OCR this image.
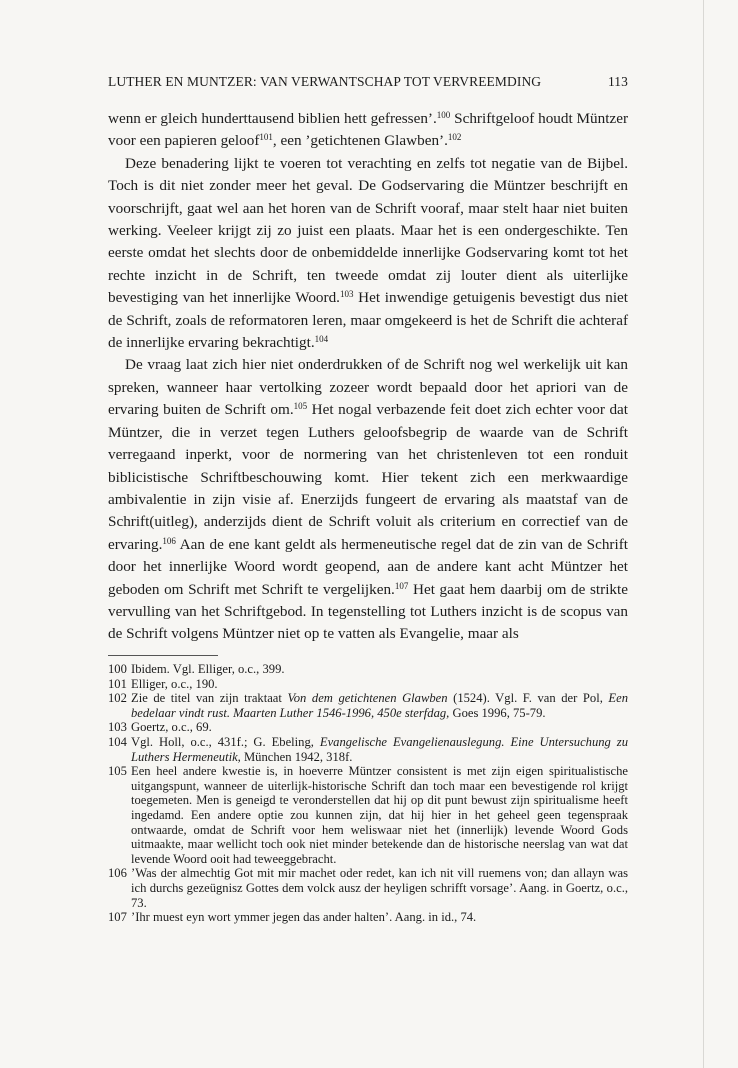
LUTHER EN MUNTZER: VAN VERWANTSCHAP TOT VERVREEMDING	113

wenn er gleich hunderttausend biblien hett gefressen’.$^{100}$ Schriftgeloof houdt Müntzer voor een papieren geloof$^{101}$, een ’getichtenen Glawben’.$^{102}$

Deze benadering lijkt te voeren tot verachting en zelfs tot negatie van de Bijbel. Toch is dit niet zonder meer het geval. De Godservaring die Müntzer beschrijft en voorschrijft, gaat wel aan het horen van de Schrift vooraf, maar stelt haar niet buiten werking. Veeleer krijgt zij zo juist een plaats. Maar het is een ondergeschikte. Ten eerste omdat het slechts door de onbemiddelde innerlijke Godservaring komt tot het rechte inzicht in de Schrift, ten tweede omdat zij louter dient als uiterlijke bevestiging van het innerlijke Woord.$^{103}$ Het inwendige getuigenis bevestigt dus niet de Schrift, zoals de reformatoren leren, maar omgekeerd is het de Schrift die achteraf de innerlijke ervaring bekrachtigt.$^{104}$

De vraag laat zich hier niet onderdrukken of de Schrift nog wel werkelijk uit kan spreken, wanneer haar vertolking zozeer wordt bepaald door het apriori van de ervaring buiten de Schrift om.$^{105}$ Het nogal verbazende feit doet zich echter voor dat Müntzer, die in verzet tegen Luthers geloofsbegrip de waarde van de Schrift verregaand inperkt, voor de normering van het christenleven tot een ronduit biblicistische Schriftbeschouwing komt. Hier tekent zich een merkwaardige ambivalentie in zijn visie af. Enerzijds fungeert de ervaring als maatstaf van de Schrift(uitleg), anderzijds dient de Schrift voluit als criterium en correctief van de ervaring.$^{106}$ Aan de ene kant geldt als hermeneutische regel dat de zin van de Schrift door het innerlijke Woord wordt geopend, aan de andere kant acht Müntzer het geboden om Schrift met Schrift te vergelijken.$^{107}$ Het gaat hem daarbij om de strikte vervulling van het Schriftgebod. In tegenstelling tot Luthers inzicht is de scopus van de Schrift volgens Müntzer niet op te vatten als Evangelie, maar als

100 Ibidem. Vgl. Elliger, o.c., 399.
101 Elliger, o.c., 190.
102 Zie de titel van zijn traktaat Von dem getichtenen Glawben (1524). Vgl. F. van der Pol, Een bedelaar vindt rust. Maarten Luther 1546-1996, 450e sterfdag, Goes 1996, 75-79.
103 Goertz, o.c., 69.
104 Vgl. Holl, o.c., 431f.; G. Ebeling, Evangelische Evangelienauslegung. Eine Untersuchung zu Luthers Hermeneutik, München 1942, 318f.
105 Een heel andere kwestie is, in hoeverre Müntzer consistent is met zijn eigen spiritualistische uitgangspunt, wanneer de uiterlijk-historische Schrift dan toch maar een bevestigende rol krijgt toegemeten. Men is geneigd te veronderstellen dat hij op dit punt bewust zijn spiritualisme heeft ingedamd. Een andere optie zou kunnen zijn, dat hij hier in het geheel geen tegenspraak ontwaarde, omdat de Schrift voor hem weliswaar niet het (innerlijk) levende Woord Gods uitmaakte, maar wellicht toch ook niet minder betekende dan de historische neerslag van wat dat levende Woord ooit had teweeggebracht.
106 ’Was der almechtig Got mit mir machet oder redet, kan ich nit vill ruemens von; dan allayn was ich durchs gezeügnisz Gottes dem volck ausz der heyligen schrifft vorsage’. Aang. in Goertz, o.c., 73.
107 ’Ihr muest eyn wort ymmer jegen das ander halten’. Aang. in id., 74.
